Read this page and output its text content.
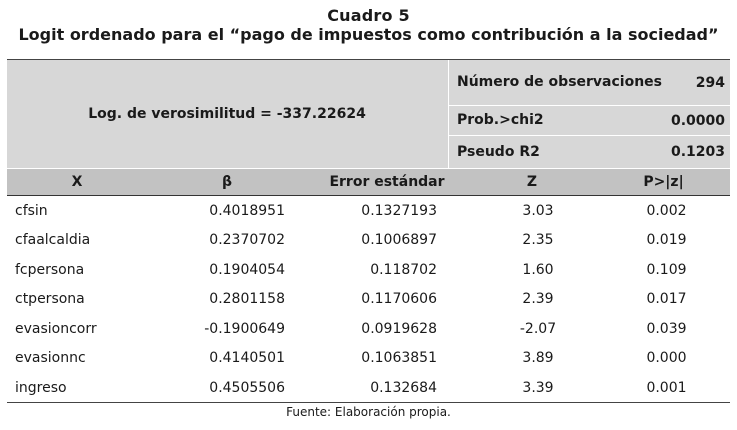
Cuadro 5
Logit ordenado para el “pago de impuestos como contribución a la sociedad”
Log. de verosimilitud = -337.22624
Número de observaciones	294
Prob.>chi2	0.0000
Pseudo R2	0.1203
X	β	Error estándar	Z	P>|z|
cfsin	0.4018951	0.1327193	3.03	0.002
cfaalcaldia	0.2370702	0.1006897	2.35	0.019
fcpersona	0.1904054	0.118702	1.60	0.109
ctpersona	0.2801158	0.1170606	2.39	0.017
evasioncorr	-0.1900649	0.0919628	-2.07	0.039
evasionnc	0.4140501	0.1063851	3.89	0.000
ingreso	0.4505506	0.132684	3.39	0.001
Fuente: Elaboración propia.
